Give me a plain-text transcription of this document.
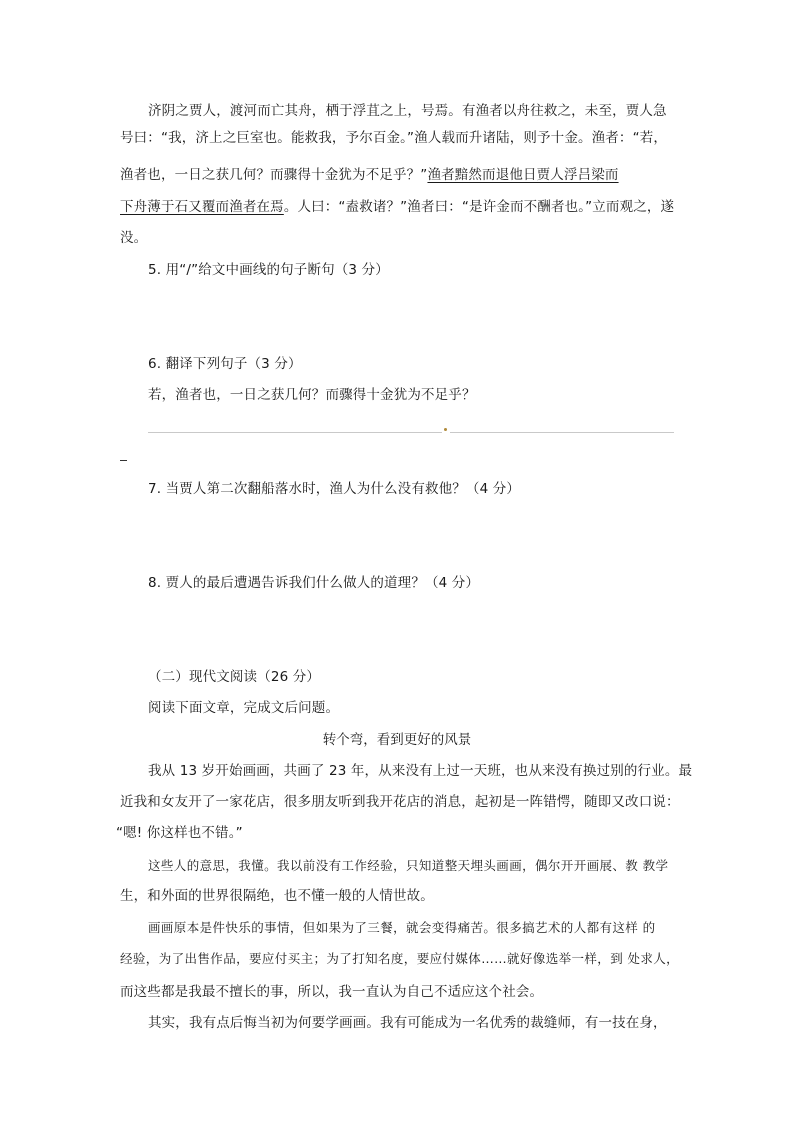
济阴之贾人，渡河而亡其舟，栖于浮苴之上，号焉。有渔者以舟往救之，未至，贾人急
号曰：“我，济上之巨室也。能救我，予尔百金。”渔人载而升诸陆，则予十金。渔者：“若，
渔者也，一日之获几何？而骤得十金犹为不足乎？”渔者黯然而退他日贾人浮吕梁而
下舟薄于石又覆而渔者在焉。人曰：“盍救诸？”渔者曰：“是许金而不酬者也。”立而观之，遂
没。
5. 用“/”给文中画线的句子断句（3 分）
6. 翻译下列句子（3 分）
若，渔者也，一日之获几何？而骤得十金犹为不足乎？
7. 当贾人第二次翻船落水时，渔人为什么没有救他？（4 分）
8. 贾人的最后遭遇告诉我们什么做人的道理？（4 分）
（二）现代文阅读（26 分）
阅读下面文章，完成文后问题。
转个弯，看到更好的风景
我从 13 岁开始画画，共画了 23 年，从来没有上过一天班，也从来没有换过别的行业。最
近我和女友开了一家花店，很多朋友听到我开花店的消息，起初是一阵错愕，随即又改口说：
“嗯! 你这样也不错。”
这些人的意思，我懂。我以前没有工作经验，只知道整天埋头画画，偶尔开开画展、教 教学
生，和外面的世界很隔绝，也不懂一般的人情世故。
画画原本是件快乐的事情，但如果为了三餐，就会变得痛苦。很多搞艺术的人都有这样 的
经验，为了出售作品，要应付买主；为了打知名度，要应付媒体……就好像选举一样，到 处求人，
而这些都是我最不擅长的事，所以，我一直认为自己不适应这个社会。
其实，我有点后悔当初为何要学画画。我有可能成为一名优秀的裁缝师，有一技在身，
